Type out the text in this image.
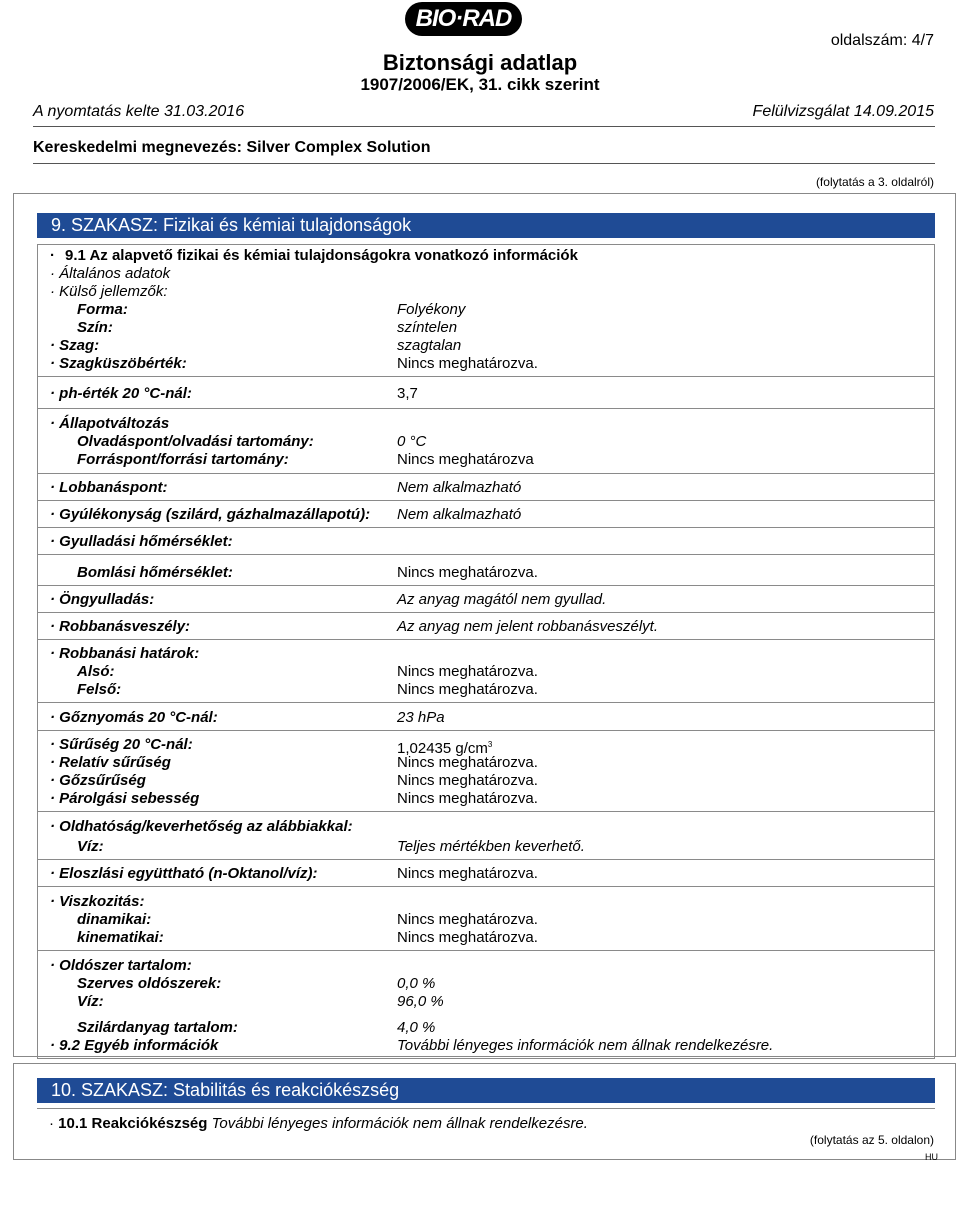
BIO·RAD
oldalszám: 4/7
Biztonsági adatlap
1907/2006/EK, 31. cikk szerint
A nyomtatás kelte 31.03.2016	Felülvizsgálat 14.09.2015
Kereskedelmi megnevezés: Silver Complex Solution
(folytatás a 3. oldalról)
9. SZAKASZ: Fizikai és kémiai tulajdonságok
· 9.1 Az alapvető fizikai és kémiai tulajdonságokra vonatkozó információk
· Általános adatok
· Külső jellemzők:
Forma:	Folyékony
Szín:	színtelen
· Szag:	szagtalan
· Szagküszöbérték:	Nincs meghatározva.
· ph-érték 20 °C-nál:	3,7
· Állapotváltozás
Olvadáspont/olvadási tartomány:	0 °C
Forráspont/forrási tartomány:	Nincs meghatározva
· Lobbanáspont:	Nem alkalmazható
· Gyúlékonyság (szilárd, gázhalmazállapotú): Nem alkalmazható
· Gyulladási hőmérséklet:
Bomlási hőmérséklet:	Nincs meghatározva.
· Öngyulladás:	Az anyag magától nem gyullad.
· Robbanásveszély:	Az anyag nem jelent robbanásveszélyt.
· Robbanási határok:
Alsó:	Nincs meghatározva.
Felső:	Nincs meghatározva.
· Gőznyomás 20 °C-nál:	23 hPa
· Sűrűség 20 °C-nál:	1,02435 $g/cm^3$
· Relatív sűrűség	Nincs meghatározva.
· Gőzsűrűség	Nincs meghatározva.
· Párolgási sebesség	Nincs meghatározva.
· Oldhatóság/keverhetőség az alábbiakkal:
Víz:	Teljes mértékben keverhető.
· Eloszlási együttható (n-Oktanol/víz):	Nincs meghatározva.
· Viszkozitás:
dinamikai:	Nincs meghatározva.
kinematikai:	Nincs meghatározva.
· Oldószer tartalom:
Szerves oldószerek:	0,0 %
Víz:	96,0 %
Szilárdanyag tartalom:	4,0 %
· 9.2 Egyéb információk	További lényeges információk nem állnak rendelkezésre.
10. SZAKASZ: Stabilitás és reakciókészség
· 10.1 Reakciókészség További lényeges információk nem állnak rendelkezésre.
(folytatás az 5. oldalon)
HU
